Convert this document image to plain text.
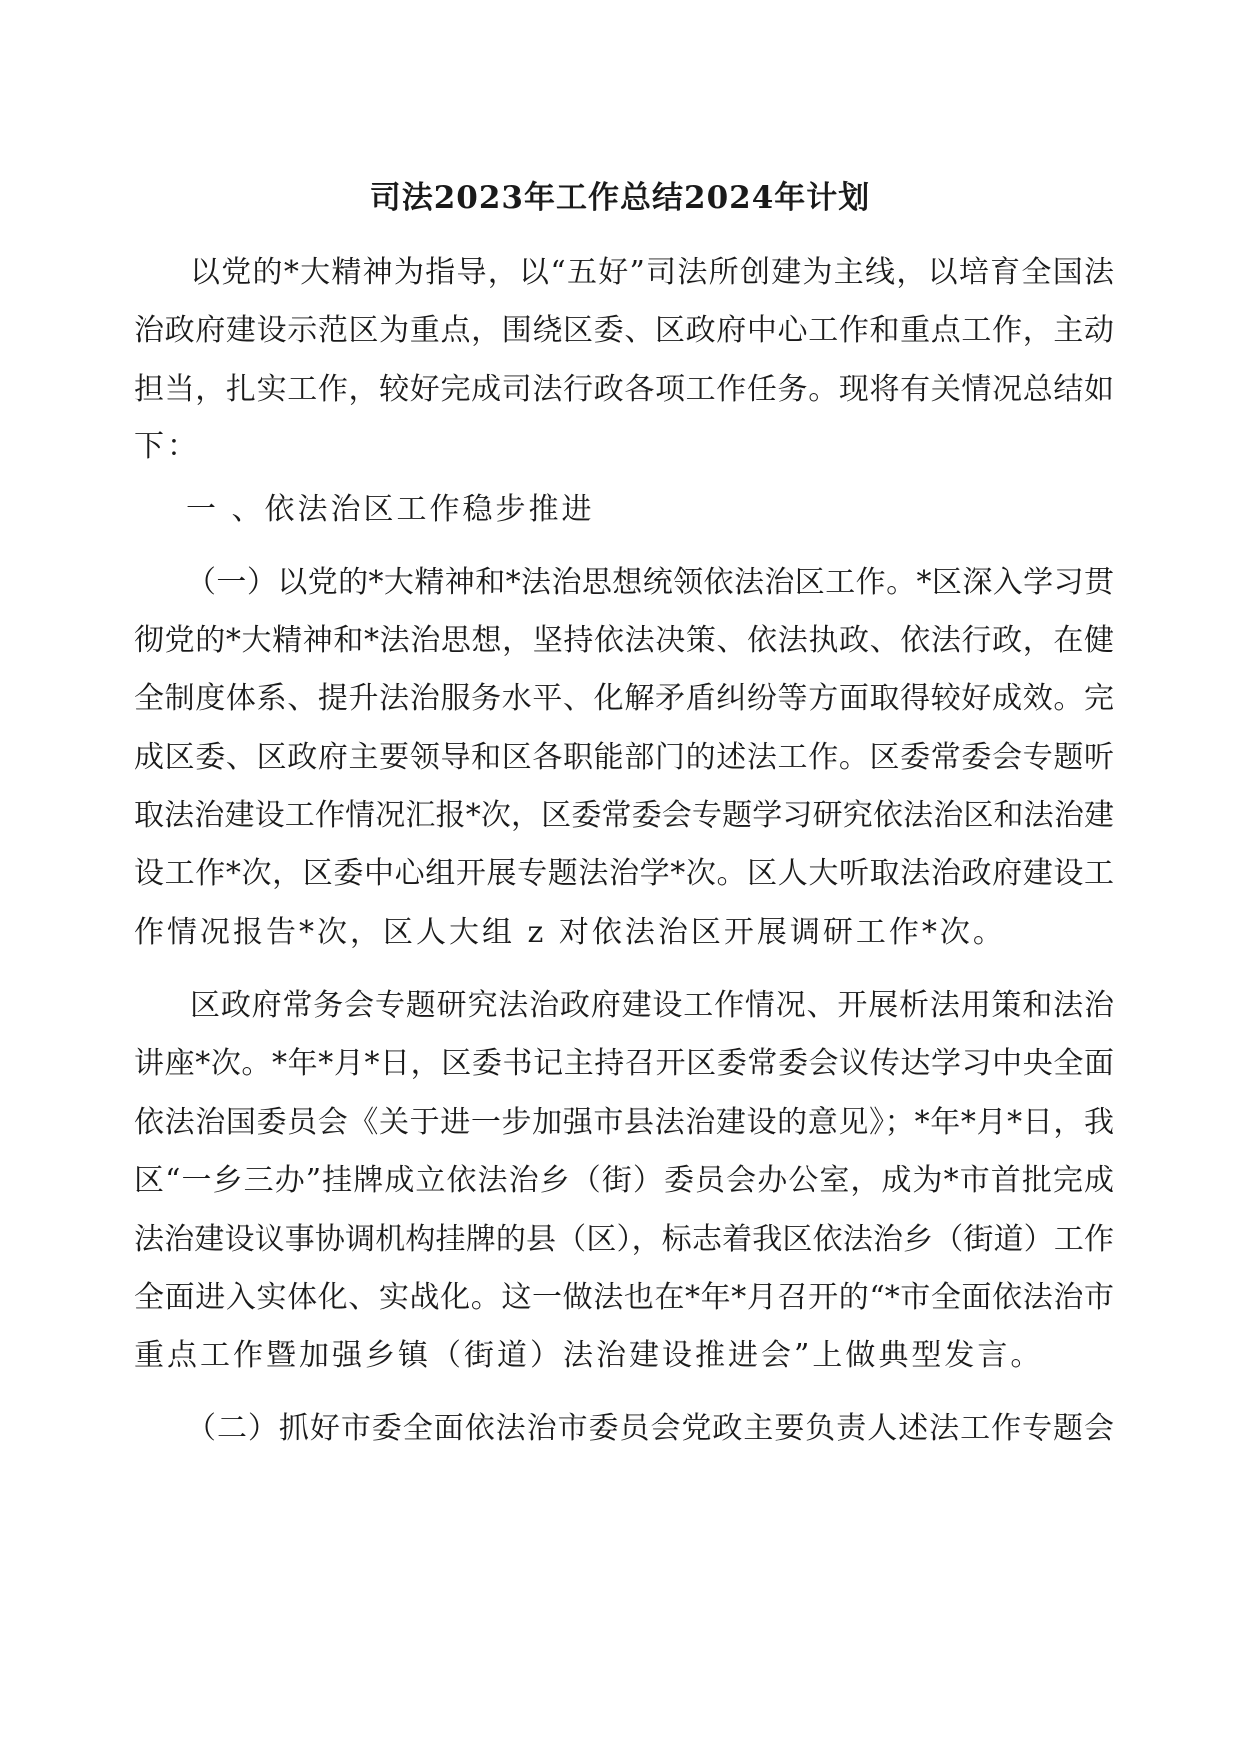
司法2023年工作总结2024年计划
以党的*大精神为指导，以“五好”司法所创建为主线，以培育全国法
治政府建设示范区为重点，围绕区委、区政府中心工作和重点工作，主动
担当，扎实工作，较好完成司法行政各项工作任务。现将有关情况总结如
下：
一 、依法治区工作稳步推进
（一）以党的*大精神和*法治思想统领依法治区工作。*区深入学习贯
彻党的*大精神和*法治思想，坚持依法决策、依法执政、依法行政，在健
全制度体系、提升法治服务水平、化解矛盾纠纷等方面取得较好成效。完
成区委、区政府主要领导和区各职能部门的述法工作。区委常委会专题听
取法治建设工作情况汇报*次，区委常委会专题学习研究依法治区和法治建
设工作*次，区委中心组开展专题法治学*次。区人大听取法治政府建设工
作情况报告*次，区人大组 z 对依法治区开展调研工作*次。
区政府常务会专题研究法治政府建设工作情况、开展析法用策和法治
讲座*次。*年*月*日，区委书记主持召开区委常委会议传达学习中央全面
依法治国委员会《关于进一步加强市县法治建设的意见》；*年*月*日，我
区“一乡三办”挂牌成立依法治乡（街）委员会办公室，成为*市首批完成
法治建设议事协调机构挂牌的县（区），标志着我区依法治乡（街道）工作
全面进入实体化、实战化。这一做法也在*年*月召开的“*市全面依法治市
重点工作暨加强乡镇（街道）法治建设推进会”上做典型发言。
（二）抓好市委全面依法治市委员会党政主要负责人述法工作专题会
